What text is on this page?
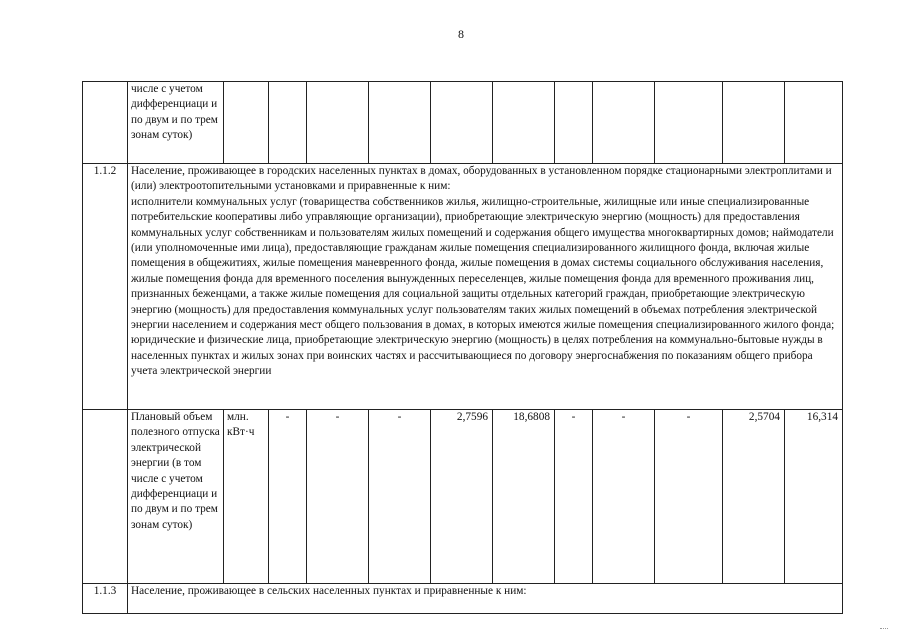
8
	числе с учетом дифференциаци и по двум и по трем зонам суток)											
1.1.2	Население, проживающее в городских населенных пунктах в домах, оборудованных в установленном порядке стационарными электроплитами и (или) электроотопительными установками и приравненные к ним:

исполнители коммунальных услуг (товарищества собственников жилья, жилищно-строительные, жилищные или иные специализированные потребительские кооперативы либо управляющие организации), приобретающие электрическую энергию (мощность) для предоставления коммунальных услуг собственникам и пользователям жилых помещений и содержания общего имущества многоквартирных домов; наймодатели (или уполномоченные ими лица), предоставляющие гражданам жилые помещения специализированного жилищного фонда, включая жилые помещения в общежитиях, жилые помещения маневренного фонда, жилые помещения в домах системы социального обслуживания населения, жилые помещения фонда для временного поселения вынужденных переселенцев, жилые помещения фонда для временного проживания лиц, признанных беженцами, а также жилые помещения для социальной защиты отдельных категорий граждан, приобретающие электрическую энергию (мощность) для предоставления коммунальных услуг пользователям таких жилых помещений в объемах потребления электрической энергии населением и содержания мест общего пользования в домах, в которых имеются жилые помещения специализированного жилого фонда;

юридические и физические лица, приобретающие электрическую энергию (мощность) в целях потребления на коммунально-бытовые нужды в населенных пунктах и жилых зонах при воинских частях и рассчитывающиеся по договору энергоснабжения по показаниям общего прибора учета электрической энергии											

	Плановый объем полезного отпуска электрической энергии (в том числе с учетом дифференциаци и по двум и по трем зонам суток)	млн. кВт·ч	-	-	-	2,7596	18,6808	-	-	-	2,5704	16,314
1.1.3	Население, проживающее в сельских населенных пунктах и приравненные к ним:											
